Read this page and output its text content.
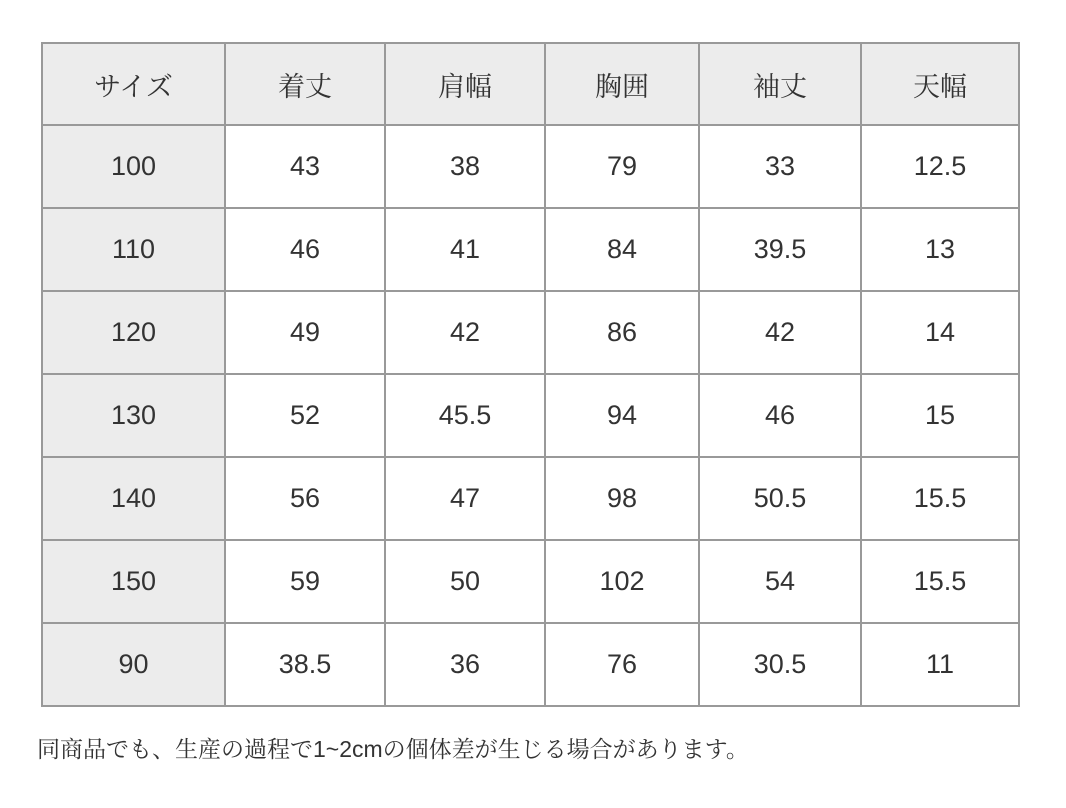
サイズ	着丈	肩幅	胸囲	袖丈	天幅
100	43	38	79	33	12.5
110	46	41	84	39.5	13
120	49	42	86	42	14
130	52	45.5	94	46	15
140	56	47	98	50.5	15.5
150	59	50	102	54	15.5
90	38.5	36	76	30.5	11

同商品でも、生産の過程で1~2cmの個体差が生じる場合があります。
